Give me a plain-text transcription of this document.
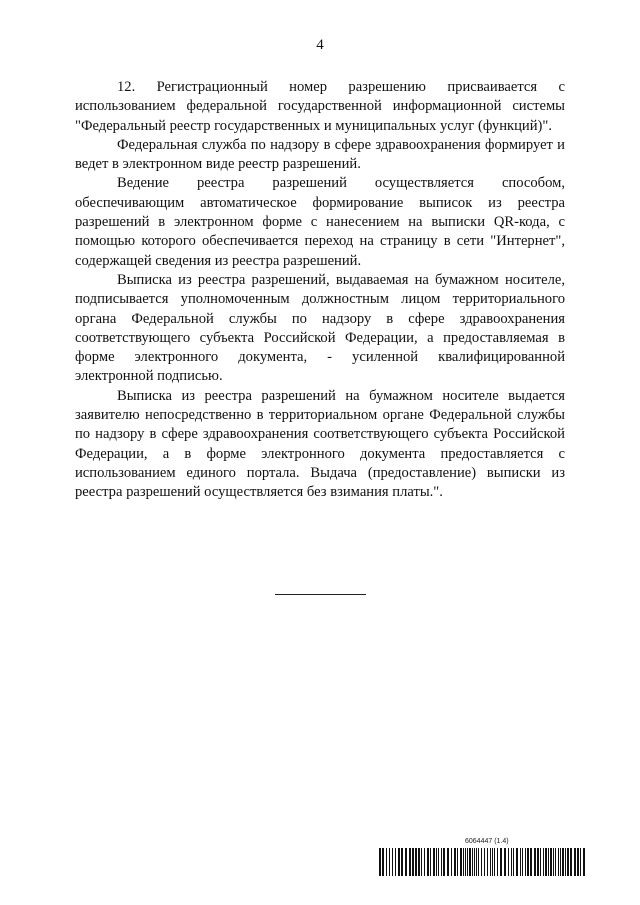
4

12. Регистрационный номер разрешению присваивается с использованием федеральной государственной информационной системы "Федеральный реестр государственных и муниципальных услуг (функций)".

Федеральная служба по надзору в сфере здравоохранения формирует и ведет в электронном виде реестр разрешений.

Ведение реестра разрешений осуществляется способом, обеспечивающим автоматическое формирование выписок из реестра разрешений в электронном форме с нанесением на выписки QR-кода, с помощью которого обеспечивается переход на страницу в сети "Интернет", содержащей сведения из реестра разрешений.

Выписка из реестра разрешений, выдаваемая на бумажном носителе, подписывается уполномоченным должностным лицом территориального органа Федеральной службы по надзору в сфере здравоохранения соответствующего субъекта Российской Федерации, а предоставляемая в форме электронного документа, - усиленной квалифицированной электронной подписью.

Выписка из реестра разрешений на бумажном носителе выдается заявителю непосредственно в территориальном органе Федеральной службы по надзору в сфере здравоохранения соответствующего субъекта Российской Федерации, а в форме электронного документа предоставляется с использованием единого портала. Выдача (предоставление) выписки из реестра разрешений осуществляется без взимания платы.".

6064447 (1.4)
